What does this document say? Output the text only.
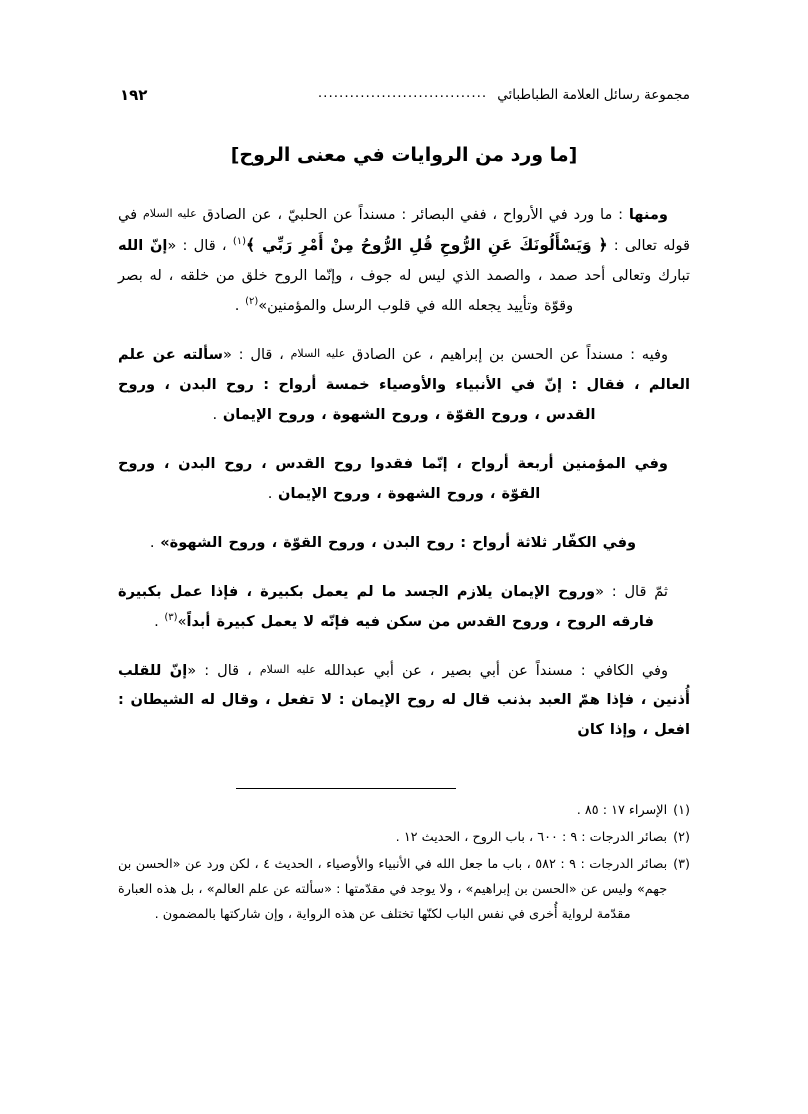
مجموعة رسائل العلامة الطباطبائي
................................
١٩٢
[ما ورد من الروايات في معنى الروح]

ومنها : ما ورد في الأرواح ، ففي البصائر : مسنداً عن الحلبيّ ، عن الصادق عليه السلام في قوله تعالى : ﴿ وَيَسْأَلُونَكَ عَنِ الرُّوحِ قُلِ الرُّوحُ مِنْ أَمْرِ رَبِّي ﴾$^{(١)}$ ، قال : «إنّ الله تبارك وتعالى أحد صمد ، والصمد الذي ليس له جوف ، وإنّما الروح خلق من خلقه ، له بصر وقوّة وتأييد يجعله الله في قلوب الرسل والمؤمنين»$^{(٢)}$ .

وفيه : مسنداً عن الحسن بن إبراهيم ، عن الصادق عليه السلام ، قال : «سألته عن علم العالم ، فقال : إنّ في الأنبياء والأوصياء خمسة أرواح : روح البدن ، وروح القدس ، وروح القوّة ، وروح الشهوة ، وروح الإيمان .

وفي المؤمنين أربعة أرواح ، إنّما فقدوا روح القدس ، روح البدن ، وروح القوّة ، وروح الشهوة ، وروح الإيمان .

وفي الكفّار ثلاثة أرواح : روح البدن ، وروح القوّة ، وروح الشهوة» .

ثمّ قال : «وروح الإيمان يلازم الجسد ما لم يعمل بكبيرة ، فإذا عمل بكبيرة فارقه الروح ، وروح القدس من سكن فيه فإنّه لا يعمل كبيرة أبداً»$^{(٣)}$ .

وفي الكافي : مسنداً عن أبي بصير ، عن أبي عبدالله عليه السلام ، قال : «إنّ للقلب أُذنين ، فإذا همّ العبد بذنب قال له روح الإيمان : لا تفعل ، وقال له الشيطان : افعل ، وإذا كان

(١)
الإسراء ١٧ : ٨٥ .
(٢)
بصائر الدرجات : ٩ : ٦٠٠ ، باب الروح ، الحديث ١٢ .
(٣)
بصائر الدرجات : ٩ : ٥٨٢ ، باب ما جعل الله في الأنبياء والأوصياء ، الحديث ٤ ، لكن ورد عن «الحسن بن جهم» وليس عن «الحسن بن إبراهيم» ، ولا يوجد في مقدّمتها : «سألته عن علم العالم» ، بل هذه العبارة مقدّمة لرواية أُخرى في نفس الباب لكنّها تختلف عن هذه الرواية ، وإن شاركتها بالمضمون .
